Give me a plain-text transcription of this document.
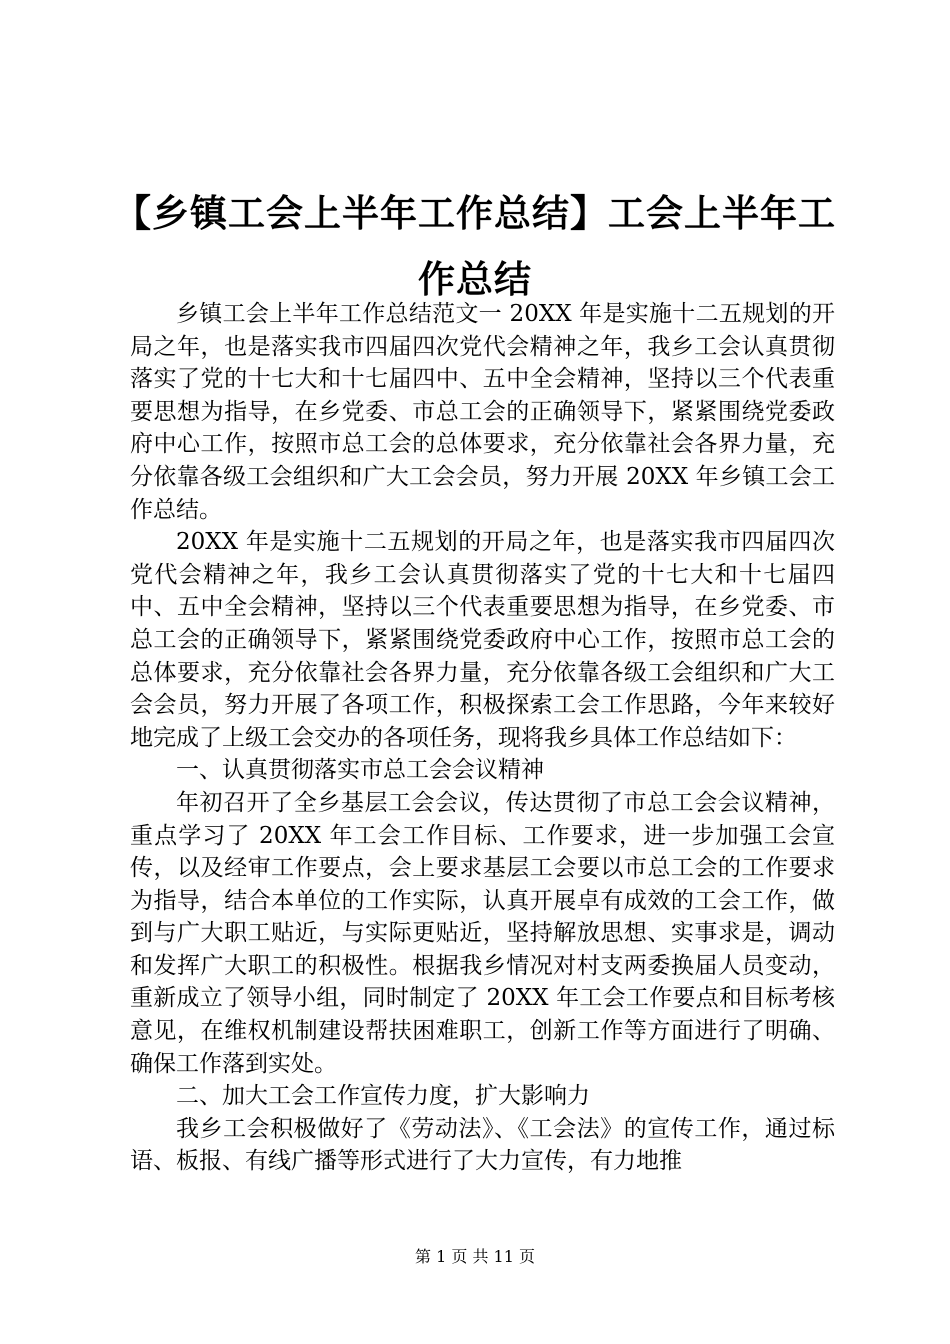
【乡镇工会上半年工作总结】工会上半年工作总结

乡镇工会上半年工作总结范文一 20XX 年是实施十二五规划的开局之年，也是落实我市四届四次党代会精神之年，我乡工会认真贯彻落实了党的十七大和十七届四中、五中全会精神，坚持以三个代表重要思想为指导，在乡党委、市总工会的正确领导下，紧紧围绕党委政府中心工作，按照市总工会的总体要求，充分依靠社会各界力量，充分依靠各级工会组织和广大工会会员，努力开展 20XX 年乡镇工会工作总结。

20XX 年是实施十二五规划的开局之年，也是落实我市四届四次党代会精神之年，我乡工会认真贯彻落实了党的十七大和十七届四中、五中全会精神，坚持以三个代表重要思想为指导，在乡党委、市总工会的正确领导下，紧紧围绕党委政府中心工作，按照市总工会的总体要求，充分依靠社会各界力量，充分依靠各级工会组织和广大工会会员，努力开展了各项工作，积极探索工会工作思路，今年来较好地完成了上级工会交办的各项任务，现将我乡具体工作总结如下：

一、认真贯彻落实市总工会会议精神

年初召开了全乡基层工会会议，传达贯彻了市总工会会议精神，重点学习了 20XX 年工会工作目标、工作要求，进一步加强工会宣传，以及经审工作要点，会上要求基层工会要以市总工会的工作要求为指导，结合本单位的工作实际，认真开展卓有成效的工会工作，做到与广大职工贴近，与实际更贴近，坚持解放思想、实事求是，调动和发挥广大职工的积极性。根据我乡情况对村支两委换届人员变动，重新成立了领导小组，同时制定了 20XX 年工会工作要点和目标考核意见，在维权机制建设帮扶困难职工，创新工作等方面进行了明确、确保工作落到实处。

二、加大工会工作宣传力度，扩大影响力

我乡工会积极做好了《劳动法》、《工会法》的宣传工作，通过标语、板报、有线广播等形式进行了大力宣传，有力地推

第 1 页 共 11 页
